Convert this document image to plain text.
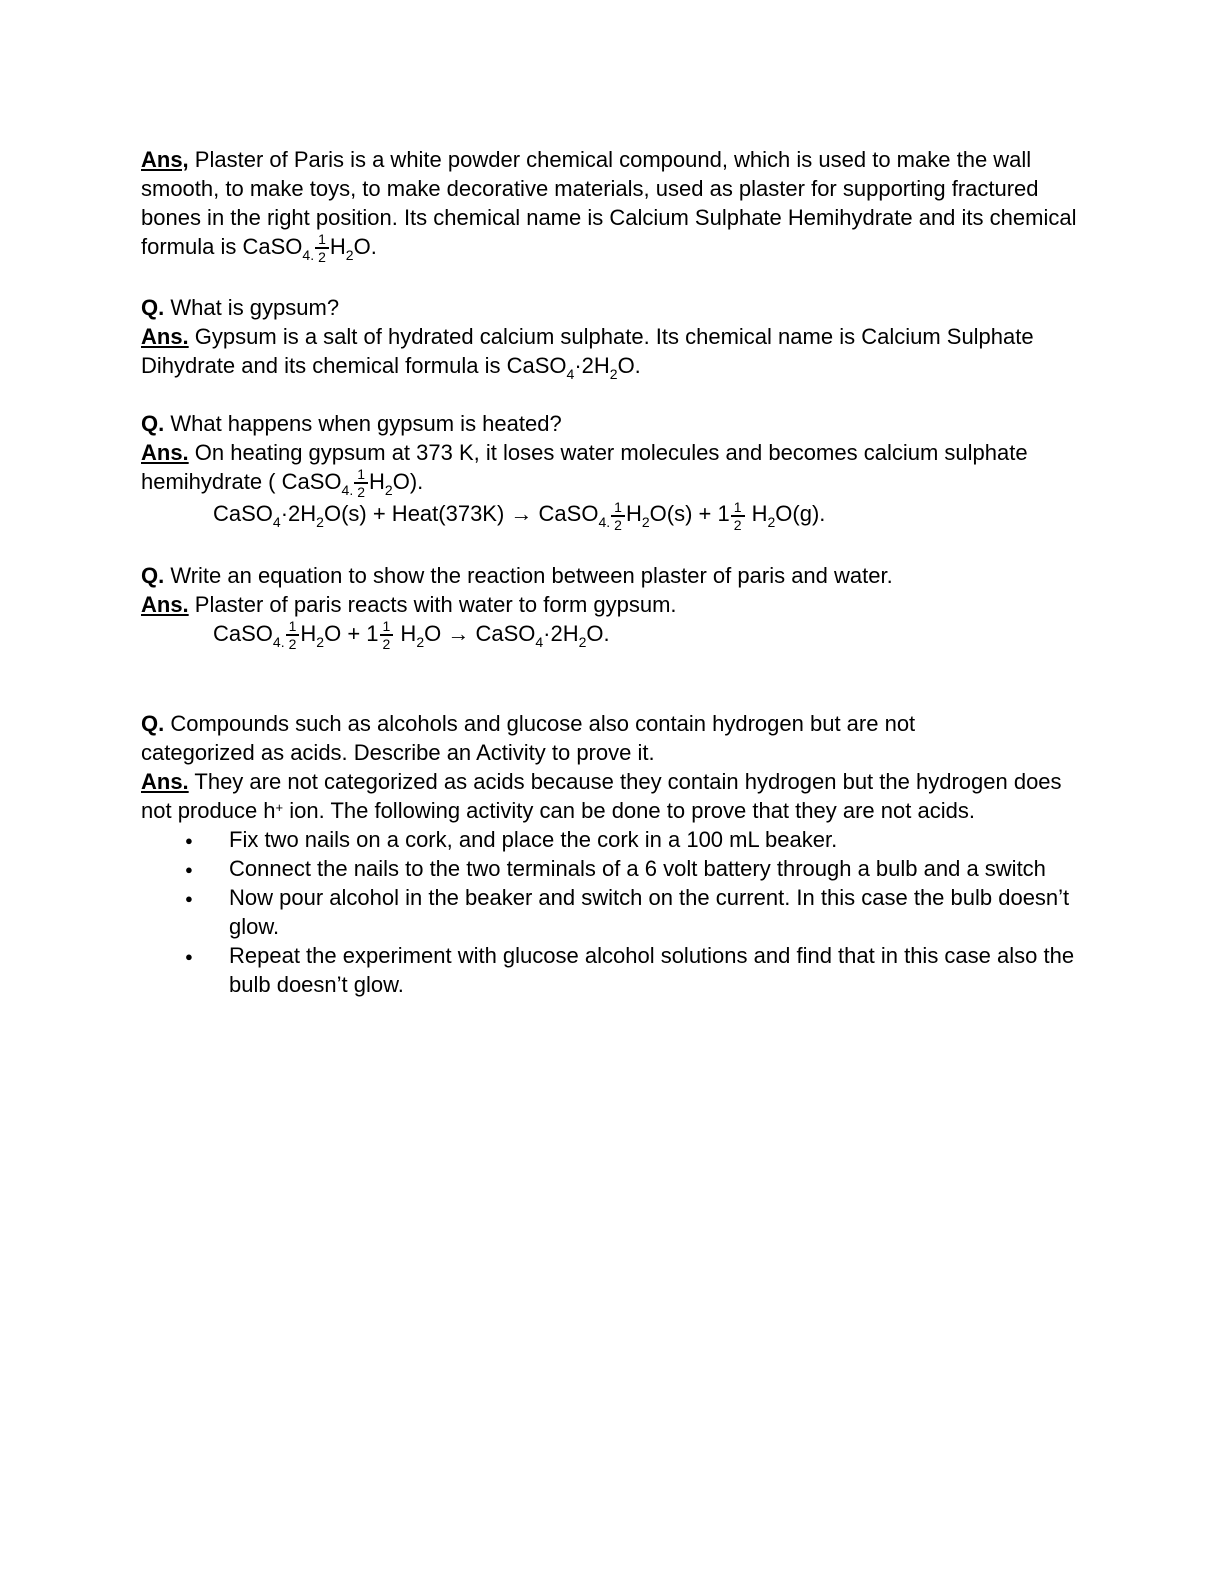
Ans, Plaster of Paris is a white powder chemical compound, which is used to make the wall smooth, to make toys, to make decorative materials, used as plaster for supporting fractured bones in the right position. Its chemical name is Calcium Sulphate Hemihydrate and its chemical formula is CaSO$_{4.}$ $\frac{1}{2} H_2O$.
Q. What is gypsum?
Ans. Gypsum is a salt of hydrated calcium sulphate. Its chemical name is Calcium Sulphate Dihydrate and its chemical formula is $CaSO_4\cdot 2H_2O$.
Q. What happens when gypsum is heated?
Ans. On heating gypsum at 373 K, it loses water molecules and becomes calcium sulphate hemihydrate ( CaSO$_{4.}$ $\frac{1}{2} H_2O$).
$CaSO_4\cdot 2H_2O(s)$ + Heat(373K) → CaSO$_{4.}$ $\frac{1}{2} H_2O(s) + 1 \frac{1}{2} H_2O(g)$.
Q. Write an equation to show the reaction between plaster of paris and water.
Ans. Plaster of paris reacts with water to form gypsum.
CaSO$_{4.}$ $\frac{1}{2} H_2O + 1 \frac{1}{2} H_2O$ → $CaSO_4\cdot 2H_2O$.
Q. Compounds such as alcohols and glucose also contain hydrogen but are not
categorized as acids. Describe an Activity to prove it.
Ans. They are not categorized as acids because they contain hydrogen but the hydrogen does not produce h+ ion. The following activity can be done to prove that they are not acids.
● Fix two nails on a cork, and place the cork in a 100 mL beaker.
● Connect the nails to the two terminals of a 6 volt battery through a bulb and a switch
● Now pour alcohol in the beaker and switch on the current. In this case the bulb doesn’t glow.
● Repeat the experiment with glucose alcohol solutions and find that in this case also the bulb doesn’t glow.
